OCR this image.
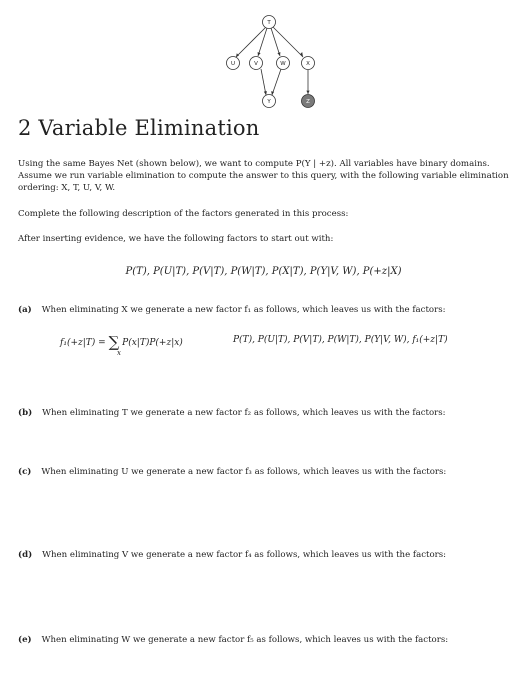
T
U	V	W	X
Y	Z
2 Variable Elimination
Using the same Bayes Net (shown below), we want to compute P(Y | +z). All variables have binary domains. Assume we run variable elimination to compute the answer to this query, with the following variable elimination ordering: X, T, U, V, W.
Complete the following description of the factors generated in this process:
After inserting evidence, we have the following factors to start out with:
P(T), P(U|T), P(V|T), P(W|T), P(X|T), P(Y|V, W), P(+z|X)
(a) When eliminating X we generate a new factor f₁ as follows, which leaves us with the factors:
f₁(+z|T) = ∑ P(x|T)P(+z|x)
x
P(T), P(U|T), P(V|T), P(W|T), P(Y|V, W), f₁(+z|T)
(b) When eliminating T we generate a new factor f₂ as follows, which leaves us with the factors:
(c) When eliminating U we generate a new factor f₃ as follows, which leaves us with the factors:
(d) When eliminating V we generate a new factor f₄ as follows, which leaves us with the factors:
(e) When eliminating W we generate a new factor f₅ as follows, which leaves us with the factors:
